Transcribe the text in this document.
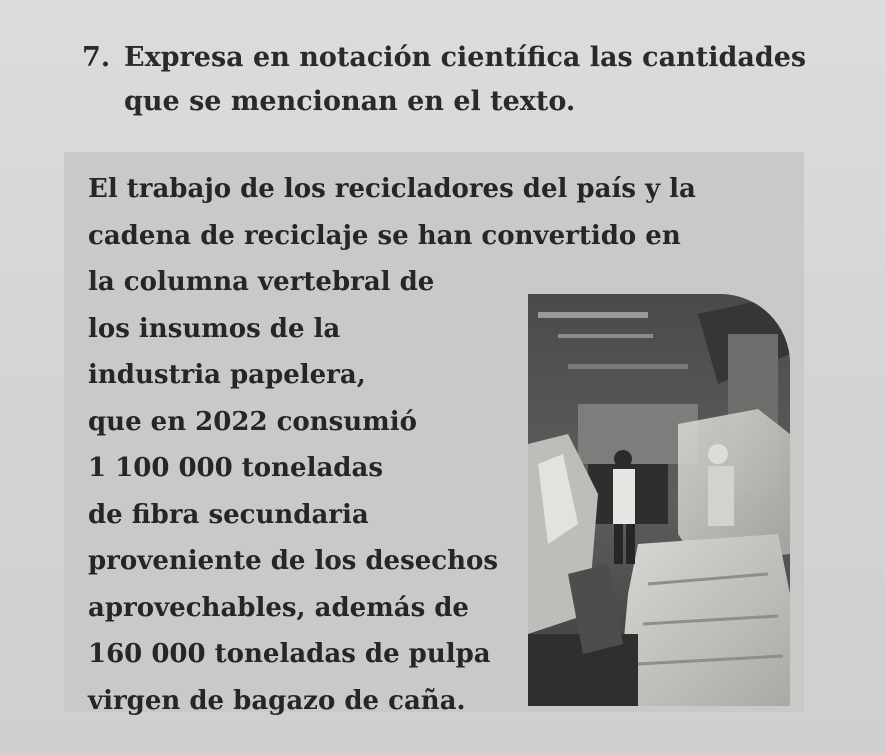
7. Expresa en notación científica las cantidades
que se mencionan en el texto.
El trabajo de los recicladores del país y la
cadena de reciclaje se han convertido en
la columna vertebral de
los insumos de la
industria papelera,
que en 2022 consumió
1 100 000 toneladas
de fibra secundaria
proveniente de los desechos
aprovechables, además de
160 000 toneladas de pulpa
virgen de bagazo de caña.
